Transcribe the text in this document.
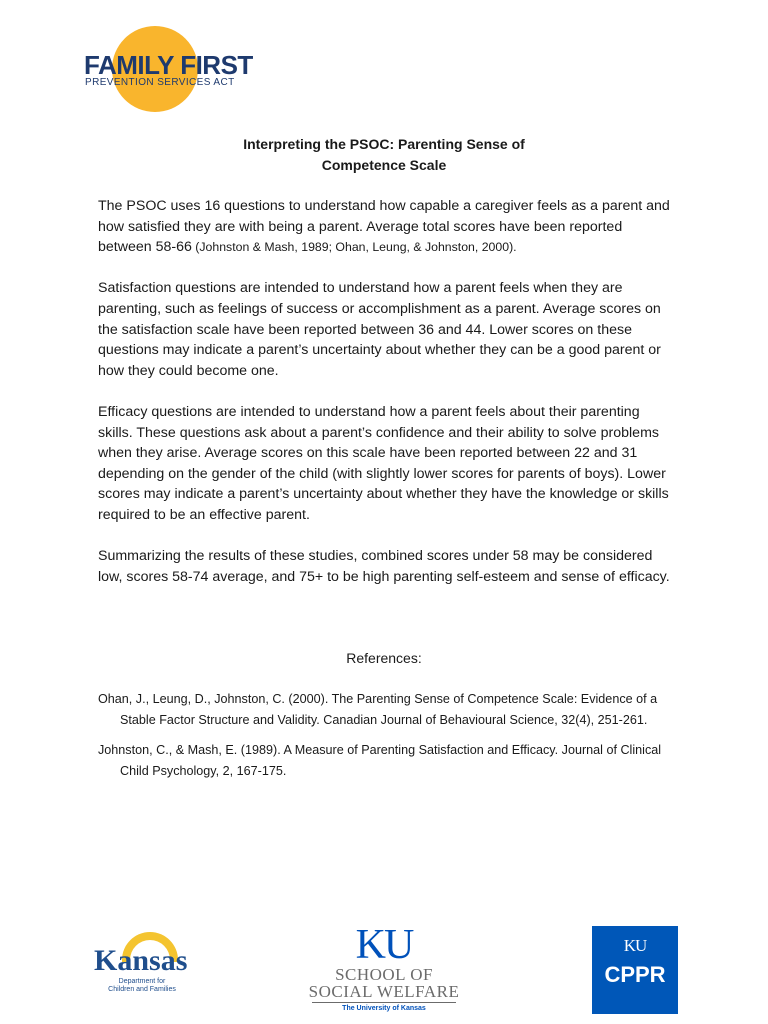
FAMILY FIRST
PREVENTION SERVICES ACT
Interpreting the PSOC: Parenting Sense of
Competence Scale

The PSOC uses 16 questions to understand how capable a caregiver feels as a parent and how satisfied they are with being a parent. Average total scores have been reported between 58-66 (Johnston & Mash, 1989; Ohan, Leung, & Johnston, 2000).

Satisfaction questions are intended to understand how a parent feels when they are parenting, such as feelings of success or accomplishment as a parent. Average scores on the satisfaction scale have been reported between 36 and 44. Lower scores on these questions may indicate a parent’s uncertainty about whether they can be a good parent or how they could become one.

Efficacy questions are intended to understand how a parent feels about their parenting skills. These questions ask about a parent’s confidence and their ability to solve problems when they arise. Average scores on this scale have been reported between 22 and 31 depending on the gender of the child (with slightly lower scores for parents of boys). Lower scores may indicate a parent’s uncertainty about whether they have the knowledge or skills required to be an effective parent.

Summarizing the results of these studies, combined scores under 58 may be considered low, scores 58-74 average, and 75+ to be high parenting self-esteem and sense of efficacy.

References:
Ohan, J., Leung, D., Johnston, C. (2000). The Parenting Sense of Competence Scale: Evidence of a Stable Factor Structure and Validity. Canadian Journal of Behavioural Science, 32(4), 251-261.
Johnston, C., & Mash, E. (1989). A Measure of Parenting Satisfaction and Efficacy. Journal of Clinical Child Psychology, 2, 167-175.
Kansas
Department for Children and Families
KU
SCHOOL OF
SOCIAL WELFARE
The University of Kansas
KU
CPPR
